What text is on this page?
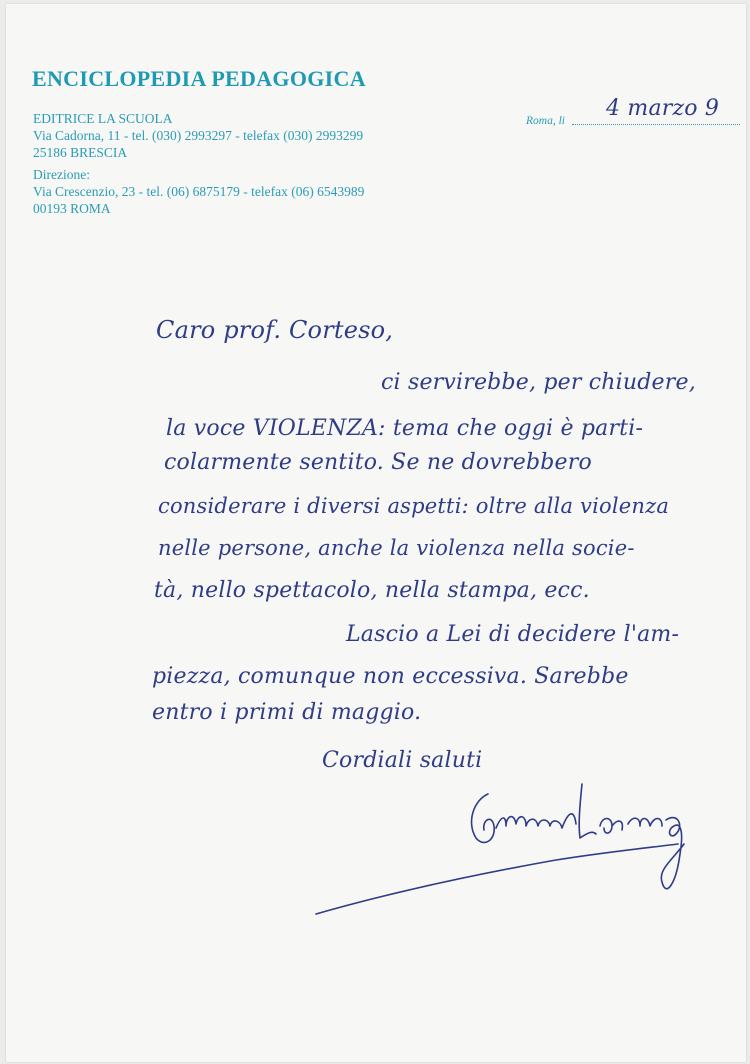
ENCICLOPEDIA PEDAGOGICA
EDITRICE LA SCUOLA
Via Cadorna, 11 - tel. (030) 2993297 - telefax (030) 2993299
25186 BRESCIA
Direzione:
Via Crescenzio, 23 - tel. (06) 6875179 - telefax (06) 6543989
00193 ROMA
Roma, li 4 marzo 9
Caro prof. Corteso,
ci servirebbe, per chiudere,
la voce VIOLENZA: tema che oggi è parti-
colarmente sentito. Se ne dovrebbero
considerare i diversi aspetti: oltre alla violenza
nelle persone, anche la violenza nella socie-
tà, nello spettacolo, nella stampa, ecc.
Lascio a Lei di decidere l'am-
piezza, comunque non eccessiva. Sarebbe
entro i primi di maggio.
Cordiali saluti
